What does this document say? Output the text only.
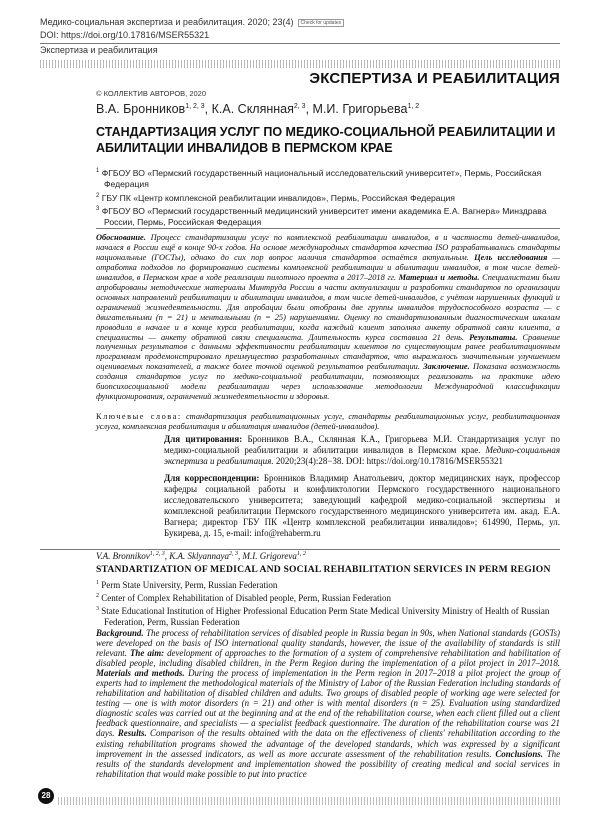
Медико-социальная экспертиза и реабилитация. 2020; 23(4) Check for updates
DOI: https://doi.org/10.17816/MSER55321
Экспертиза и реабилитация
ЭКСПЕРТИЗА И РЕАБИЛИТАЦИЯ
© КОЛЛЕКТИВ АВТОРОВ, 2020
В.А. Бронников$^{1, 2, 3}$, К.А. Склянная$^{2, 3}$, М.И. Григорьева$^{1, 2}$
СТАНДАРТИЗАЦИЯ УСЛУГ ПО МЕДИКО-СОЦИАЛЬНОЙ РЕАБИЛИТАЦИИ И АБИЛИТАЦИИ ИНВАЛИДОВ В ПЕРМСКОМ КРАЕ
$^1$ ФГБОУ ВО «Пермский государственный национальный исследовательский университет», Пермь, Российская Федерация
$^2$ ГБУ ПК «Центр комплексной реабилитации инвалидов», Пермь, Российская Федерация
$^3$ ФГБОУ ВО «Пермский государственный медицинский университет имени академика Е.А. Вагнера» Минздрава России, Пермь, Российская Федерация
Обоснование. Процесс стандартизации услуг по комплексной реабилитации инвалидов, в и частности детей-инвалидов, начался в России ещё в конце 90-х годов. На основе международных стандартов качества ISO разрабатывались стандарты национальные (ГОСТы), однако до сих пор вопрос наличия стандартов остаётся актуальным. Цель исследования — отработка подходов по формированию системы комплексной реабилитации и абилитации инвалидов, в том числе детей-инвалидов, в Пермском крае в ходе реализации пилотного проекта в 2017–2018 гг. Материал и методы. Специалистами были апробированы методические материалы Минтруда России в части актуализации и разработки стандартов по организации основных направлений реабилитации и абилитации инвалидов, в том числе детей-инвалидов, с учётом нарушенных функций и ограничений жизнедеятельности. Для апробации были отобраны две группы инвалидов трудоспособного возраста — с двигательными (n = 21) и ментальными (n = 25) нарушениями. Оценку по стандартизованным диагностическим шкалам проводили в начале и в конце курса реабилитации, когда каждый клиент заполнял анкету обратной связи клиента, а специалисты — анкету обратной связи специалиста. Длительность курса составила 21 день. Результаты. Сравнение полученных результатов с данными эффективности реабилитации клиентов по существующим ранее реабилитационным программам продемонстрировало преимущество разработанных стандартов, что выражалось значительным улучшением оцениваемых показателей, а также более точной оценкой результатов реабилитации. Заключение. Показана возможность создания стандартов услуг по медико-социальной реабилитации, позволяющих реализовать на практике идею биопсихосоциальной модели реабилитации через использование методологии Международной классификации функционирования, ограничений жизнедеятельности и здоровья.
Ключевые слова: стандартизация реабилитационных услуг, стандарты реабилитационных услуг, реабилитационная услуга, комплексная реабилитация и абилитация инвалидов (детей-инвалидов).
Для цитирования: Бронников В.А., Склянная К.А., Григорьева М.И. Стандартизация услуг по медико-социальной реабилитации и абилитации инвалидов в Пермском крае. Медико-социальная экспертиза и реабилитация. 2020;23(4):28−38. DOI: https://doi.org/10.17816/MSER55321
Для корреспонденции: Бронников Владимир Анатольевич, доктор медицинских наук, профессор кафедры социальной работы и конфликтологии Пермского государственного национального исследовательского университета; заведующий кафедрой медико-социальной экспертизы и комплексной реабилитации Пермского государственного медицинского университета им. акад. Е.А. Вагнера; директор ГБУ ПК «Центр комплексной реабилитации инвалидов»; 614990, Пермь, ул. Букирева, д. 15, e-mail: info@rehaberm.ru
V.A. Bronnikov$^{1, 2, 3}$, K.A. Sklyannaya$^{2, 3}$, M.I. Grigoreva$^{1, 2}$
STANDARTIZATION OF MEDICAL AND SOCIAL REHABILITATION SERVICES IN PERM REGION
$^1$ Perm State University, Perm, Russian Federation
$^2$ Center of Complex Rehabilitation of Disabled people, Perm, Russian Federation
$^3$ State Educational Institution of Higher Professional Education Perm State Medical University Ministry of Health of Russian Federation, Perm, Russian Federation
Background. The process of rehabilitation services of disabled people in Russia began in 90s, when National standards (GOSTs) were developed on the basis of ISO international quality standards, however, the issue of the availability of standards is still relevant. The aim: development of approaches to the formation of a system of comprehensive rehabilitation and habilitation of disabled people, including disabled children, in the Perm Region during the implementation of a pilot project in 2017–2018. Materials and methods. During the process of implementation in the Perm region in 2017–2018 a pilot project the group of experts had to implement the methodological materials of the Ministry of Labor of the Russian Federation including standards of rehabilitation and habilitation of disabled children and adults. Two groups of disabled people of working age were selected for testing — one is with motor disorders (n = 21) and other is with mental disorders (n = 25). Evaluation using standardized diagnostic scales was carried out at the beginning and at the end of the rehabilitation course, when each client filled out a client feedback questionnaire, and specialists — a specialist feedback questionnaire. The duration of the rehabilitation course was 21 days. Results. Comparison of the results obtained with the data on the effectiveness of clients' rehabilitation according to the existing rehabilitation programs showed the advantage of the developed standards, which was expressed by a significant improvement in the assessed indicators, as well as more accurate assessment of the rehabilitation results. Conclusions. The results of the standards development and implementation showed the possibility of creating medical and social services in rehabilitation that would make possible to put into practice
28
